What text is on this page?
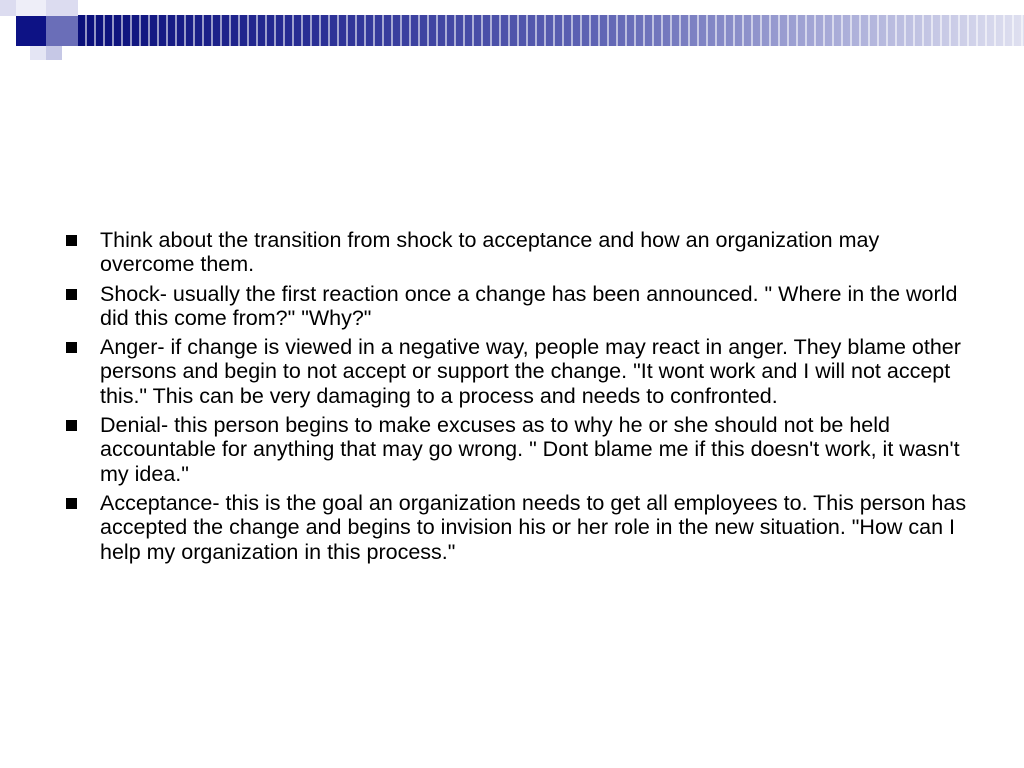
Think about the transition from shock to acceptance and how an organization may overcome them.
Shock- usually the first reaction once a change has been announced. " Where in the world did this come from?" "Why?"
Anger- if change is viewed in a negative way, people may react in anger. They blame other persons and begin to not accept or support the change. "It wont work and I will not accept this." This can be very damaging to a process and needs to confronted.
Denial- this person begins to make excuses as to why he or she should not be held accountable for anything that may go wrong. " Dont blame me if this doesn't work, it wasn't my idea."
Acceptance- this is the goal an organization needs to get all employees to. This person has accepted the change and begins to invision his or her role in the new situation. "How can I help my organization in this process."
